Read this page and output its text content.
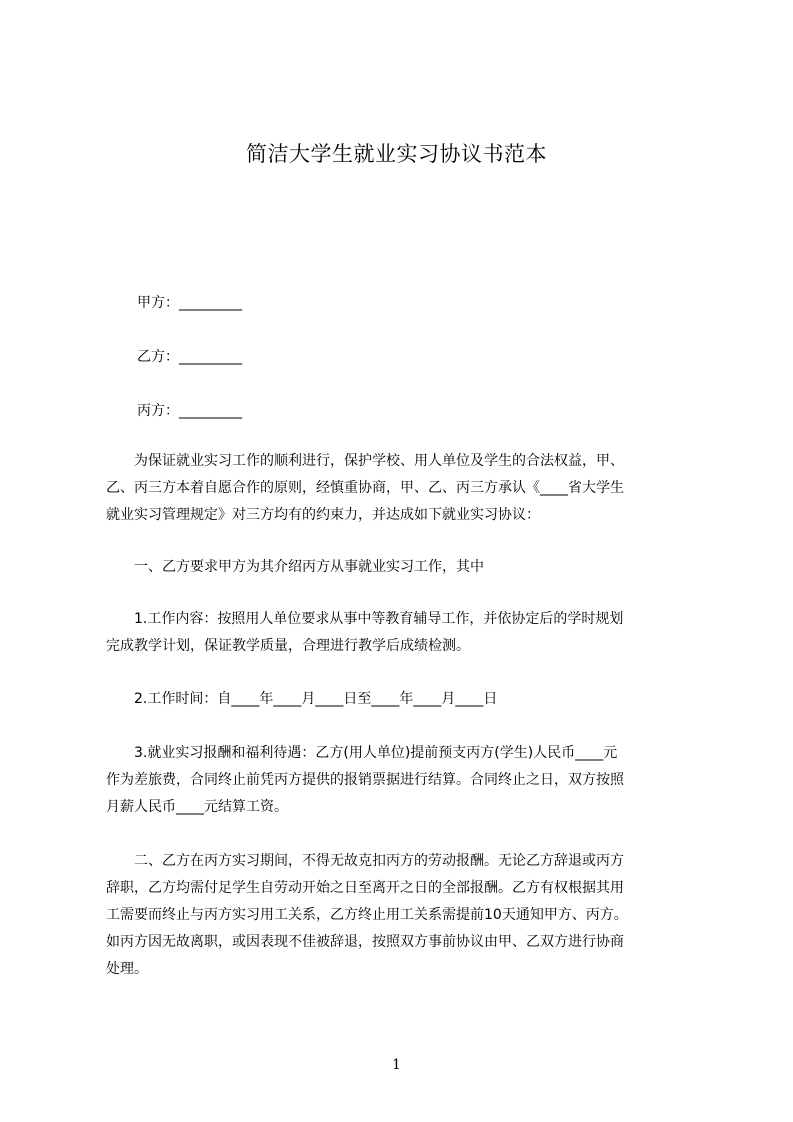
简洁大学生就业实习协议书范本
甲方：_________
乙方：_________
丙方：_________

　　为保证就业实习工作的顺利进行，保护学校、用人单位及学生的合法权益，甲、
乙、丙三方本着自愿合作的原则，经慎重协商，甲、乙、丙三方承认《____省大学生
就业实习管理规定》对三方均有的约束力，并达成如下就业实习协议：

　　一、乙方要求甲方为其介绍丙方从事就业实习工作，其中

　　1.工作内容：按照用人单位要求从事中等教育辅导工作，并依协定后的学时规划
完成教学计划，保证教学质量，合理进行教学后成绩检测。

　　2.工作时间：自____年____月____日至____年____月____日

　　3.就业实习报酬和福利待遇：乙方(用人单位)提前预支丙方(学生)人民币____元
作为差旅费，合同终止前凭丙方提供的报销票据进行结算。合同终止之日，双方按照
月薪人民币____元结算工资。

　　二、乙方在丙方实习期间，不得无故克扣丙方的劳动报酬。无论乙方辞退或丙方
辞职，乙方均需付足学生自劳动开始之日至离开之日的全部报酬。乙方有权根据其用
工需要而终止与丙方实习用工关系，乙方终止用工关系需提前10天通知甲方、丙方。
如丙方因无故离职，或因表现不佳被辞退，按照双方事前协议由甲、乙双方进行协商
处理。

1
